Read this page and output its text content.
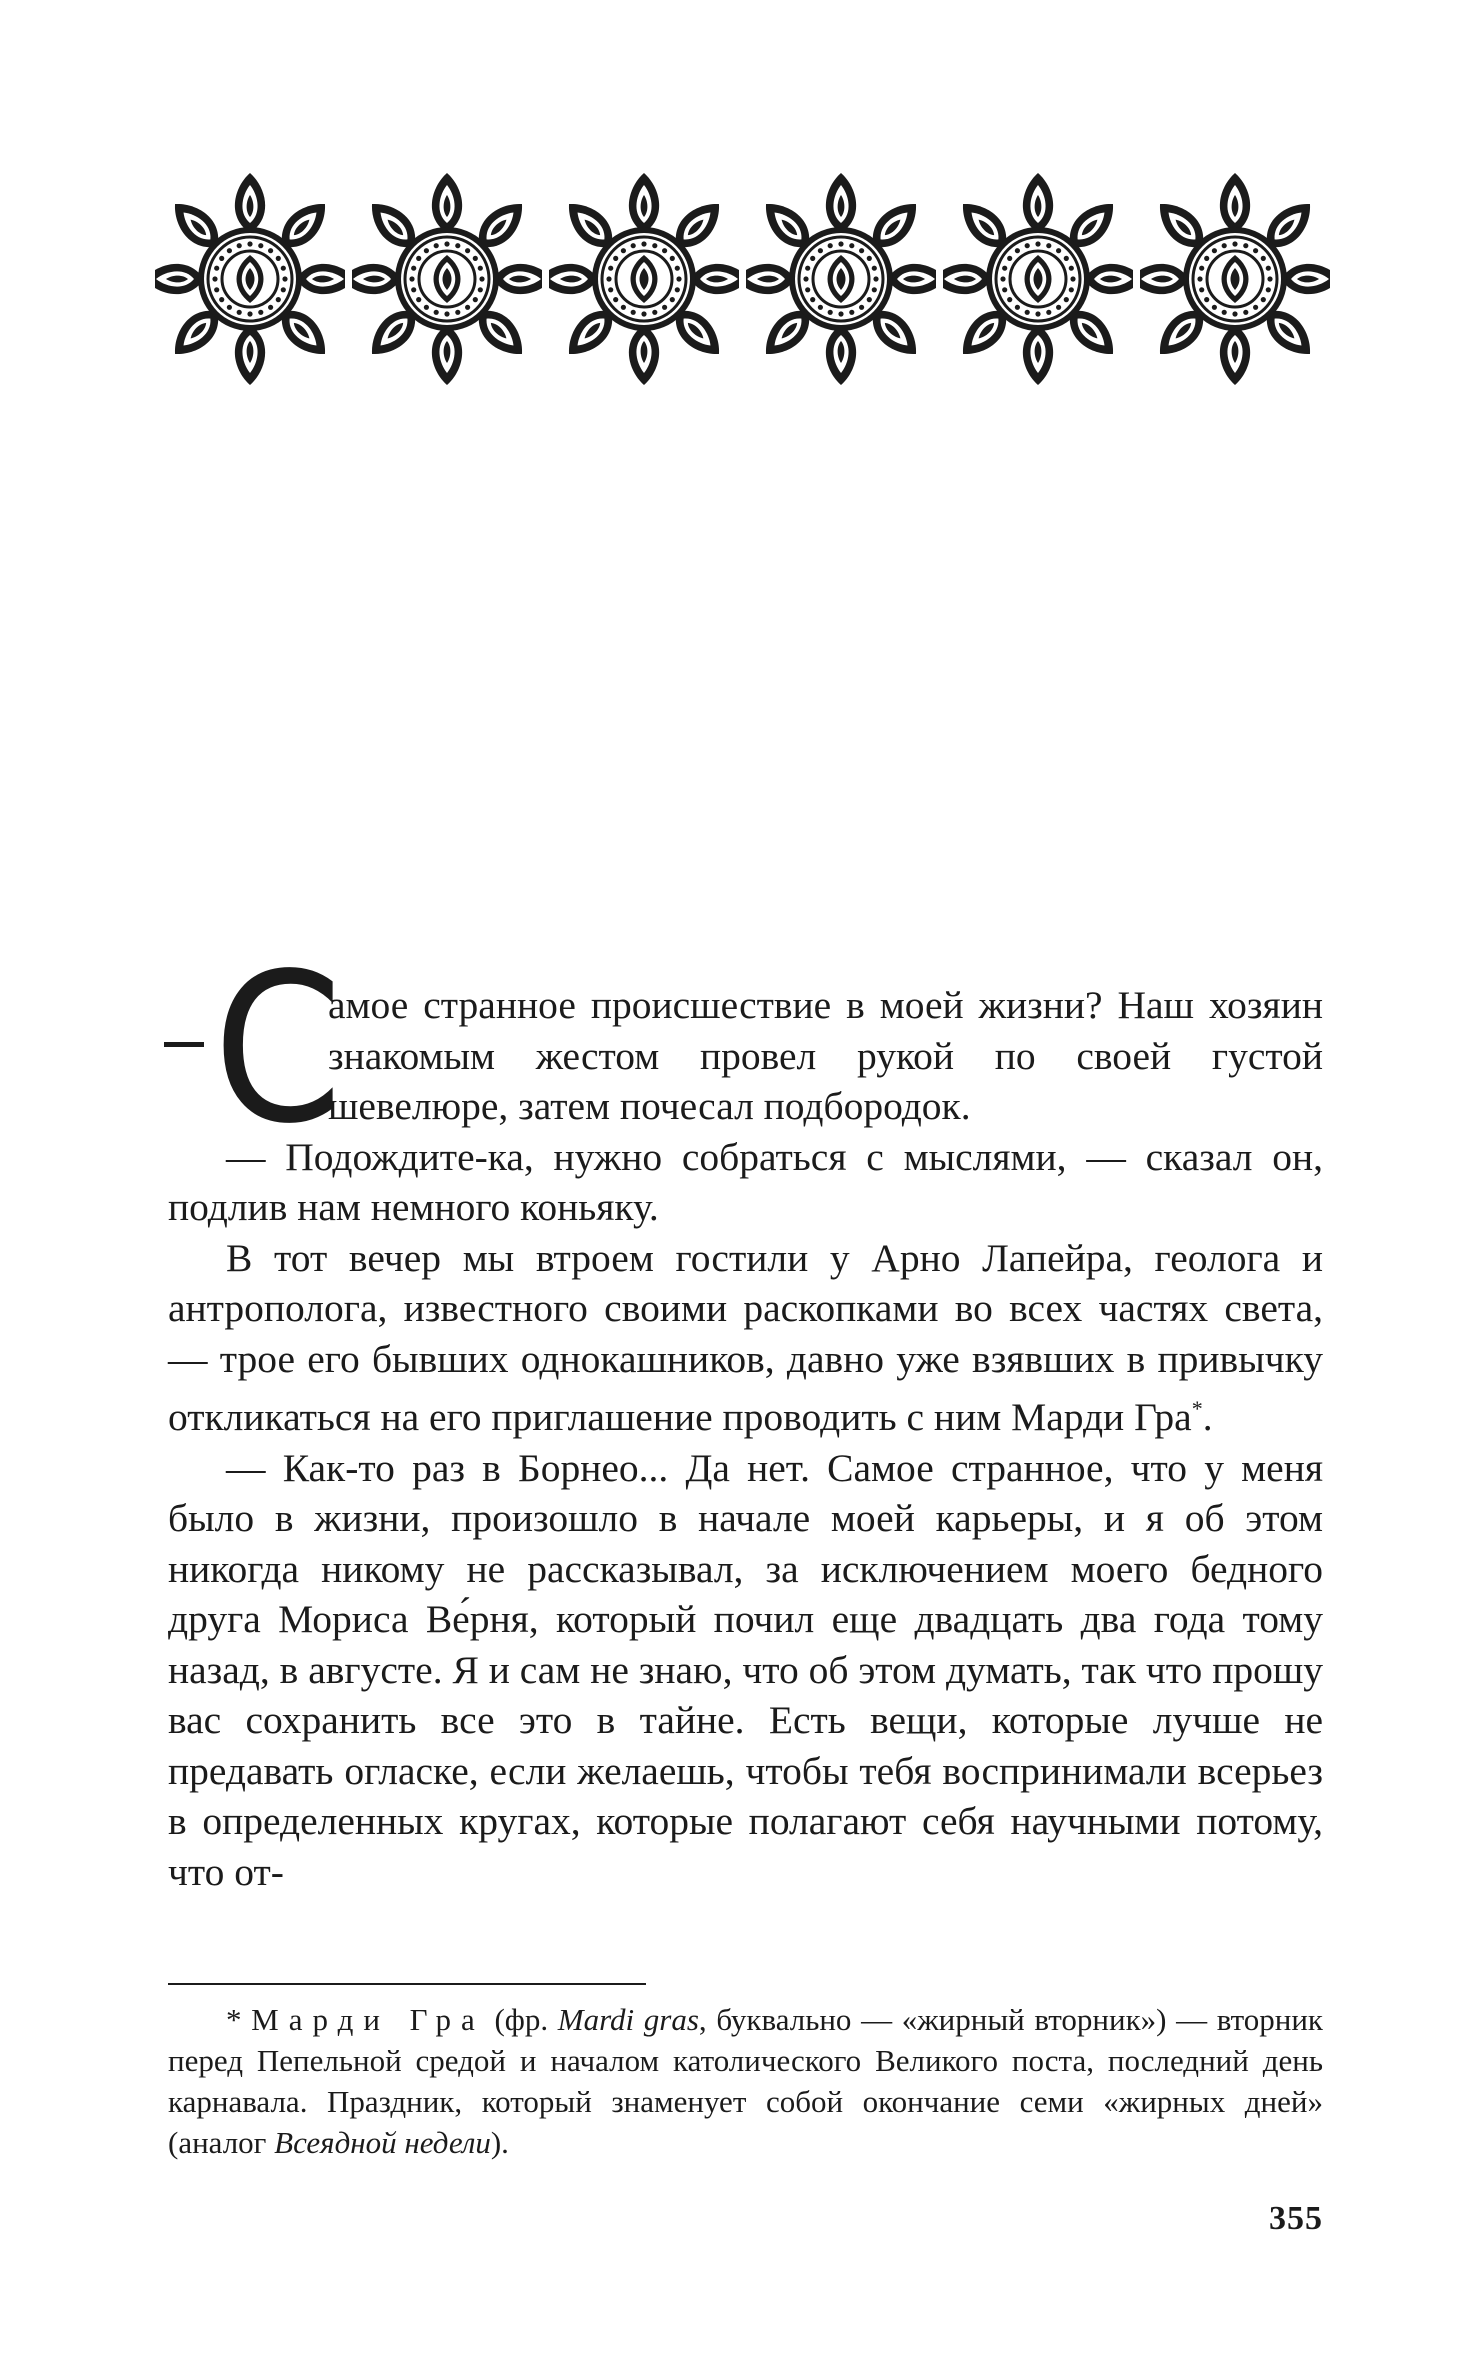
С
амое странное происшествие в моей жизни? Наш хозяин знакомым жестом провел рукой по своей густой шевелюре, затем почесал подбородок.

— Подождите-ка, нужно собраться с мыслями, — сказал он, подлив нам немного коньяку.

В тот вечер мы втроем гостили у Арно Лапейра, геолога и антрополога, известного своими раскопками во всех частях света, — трое его бывших однокашников, давно уже взявших в привычку откликаться на его приглашение проводить с ним Марди Гра*.

— Как-то раз в Борнео... Да нет. Самое странное, что у меня было в жизни, произошло в начале моей карьеры, и я об этом никогда никому не рассказывал, за исключением моего бедного друга Мориса Ве́рня, который почил еще двадцать два года тому назад, в августе. Я и сам не знаю, что об этом думать, так что прошу вас сохранить все это в тайне. Есть вещи, которые лучше не предавать огласке, если желаешь, чтобы тебя воспринимали всерьез в определенных кругах, которые полагают себя научными потому, что от-

* Марди Гра (фр. Mardi gras, буквально — «жирный вторник») — вторник перед Пепельной средой и началом католического Великого поста, последний день карнавала. Праздник, который знаменует собой окончание семи «жирных дней» (аналог Всеядной недели).
355
